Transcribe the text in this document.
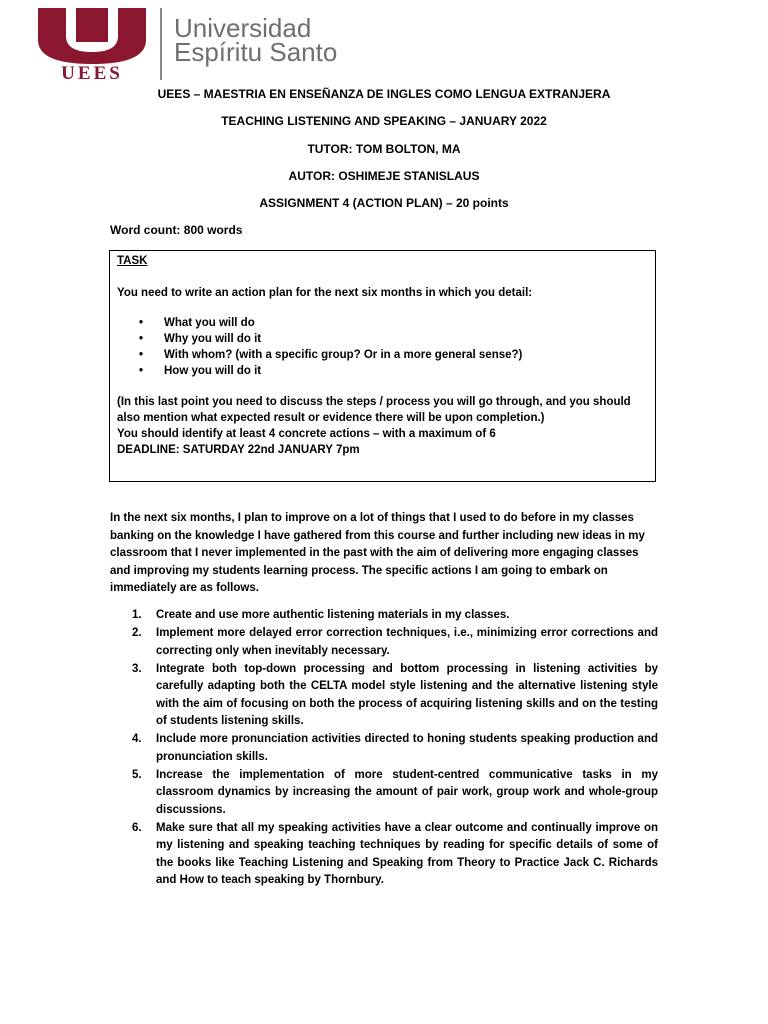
UEES
Universidad
Espíritu Santo
UEES – MAESTRIA EN ENSEÑANZA DE INGLES COMO LENGUA EXTRANJERA
TEACHING LISTENING AND SPEAKING – JANUARY 2022
TUTOR: TOM BOLTON, MA
AUTOR: OSHIMEJE STANISLAUS
ASSIGNMENT 4 (ACTION PLAN) – 20 points
Word count: 800 words
TASK
You need to write an action plan for the next six months in which you detail:
• What you will do
• Why you will do it
• With whom? (with a specific group? Or in a more general sense?)
• How you will do it
(In this last point you need to discuss the steps / process you will go through, and you should also mention what expected result or evidence there will be upon completion.)
You should identify at least 4 concrete actions – with a maximum of 6
DEADLINE: SATURDAY 22nd JANUARY 7pm
In the next six months, I plan to improve on a lot of things that I used to do before in my classes banking on the knowledge I have gathered from this course and further including new ideas in my classroom that I never implemented in the past with the aim of delivering more engaging classes and improving my students learning process. The specific actions I am going to embark on immediately are as follows.
1. Create and use more authentic listening materials in my classes.
2. Implement more delayed error correction techniques, i.e., minimizing error corrections and correcting only when inevitably necessary.
3. Integrate both top-down processing and bottom processing in listening activities by carefully adapting both the CELTA model style listening and the alternative listening style with the aim of focusing on both the process of acquiring listening skills and on the testing of students listening skills.
4. Include more pronunciation activities directed to honing students speaking production and pronunciation skills.
5. Increase the implementation of more student-centred communicative tasks in my classroom dynamics by increasing the amount of pair work, group work and whole-group discussions.
6. Make sure that all my speaking activities have a clear outcome and continually improve on my listening and speaking teaching techniques by reading for specific details of some of the books like Teaching Listening and Speaking from Theory to Practice Jack C. Richards and How to teach speaking by Thornbury.
